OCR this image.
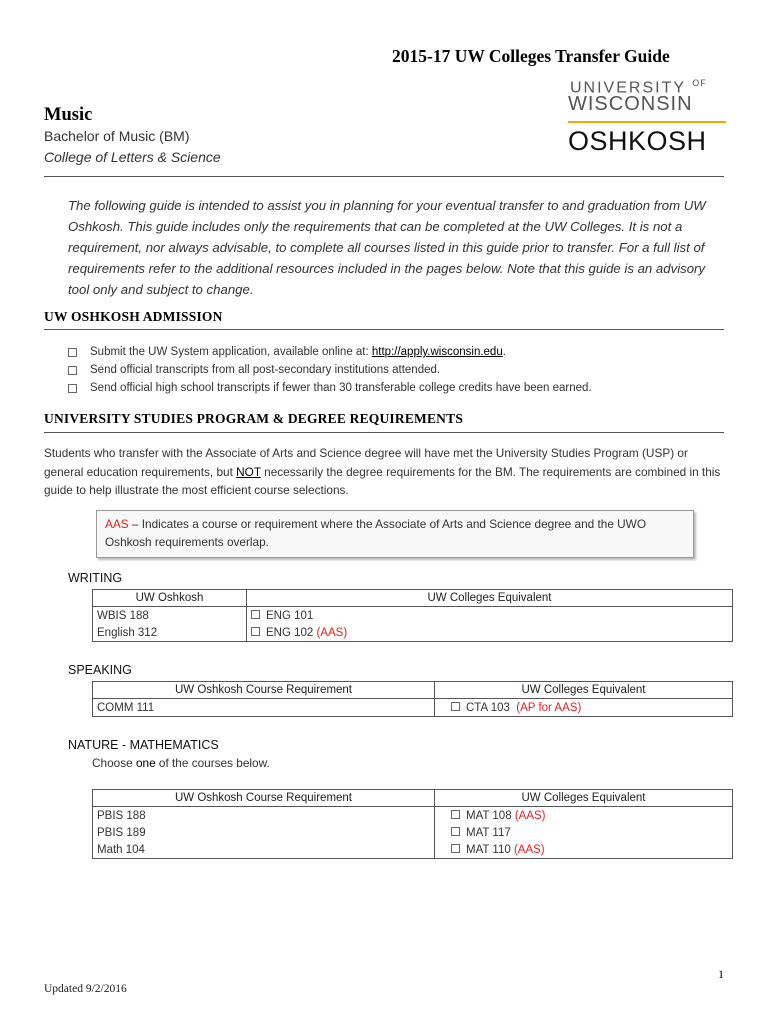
2015-17 UW Colleges Transfer Guide
UNIVERSITY $^{OF}$
WISCONSIN
OSHKOSH
Music
Bachelor of Music (BM)
College of Letters & Science
The following guide is intended to assist you in planning for your eventual transfer to and graduation from UW Oshkosh. This guide includes only the requirements that can be completed at the UW Colleges. It is not a requirement, nor always advisable, to complete all courses listed in this guide prior to transfer. For a full list of requirements refer to the additional resources included in the pages below. Note that this guide is an advisory tool only and subject to change.
UW OSHKOSH ADMISSION
Submit the UW System application, available online at: http://apply.wisconsin.edu.
Send official transcripts from all post-secondary institutions attended.
Send official high school transcripts if fewer than 30 transferable college credits have been earned.
UNIVERSITY STUDIES PROGRAM & DEGREE REQUIREMENTS
Students who transfer with the Associate of Arts and Science degree will have met the University Studies Program (USP) or general education requirements, but NOT necessarily the degree requirements for the BM. The requirements are combined in this guide to help illustrate the most efficient course selections.
AAS – Indicates a course or requirement where the Associate of Arts and Science degree and the UWO Oshkosh requirements overlap.
WRITING
UW Oshkosh	UW Colleges Equivalent
WBIS 188	ENG 101
English 312	ENG 102 (AAS)
SPEAKING
UW Oshkosh Course Requirement	UW Colleges Equivalent
COMM 111	CTA 103 (AP for AAS)
NATURE - MATHEMATICS
Choose one of the courses below.
UW Oshkosh Course Requirement	UW Colleges Equivalent
PBIS 188	MAT 108 (AAS)
PBIS 189	MAT 117
Math 104	MAT 110 (AAS)
1
Updated 9/2/2016
